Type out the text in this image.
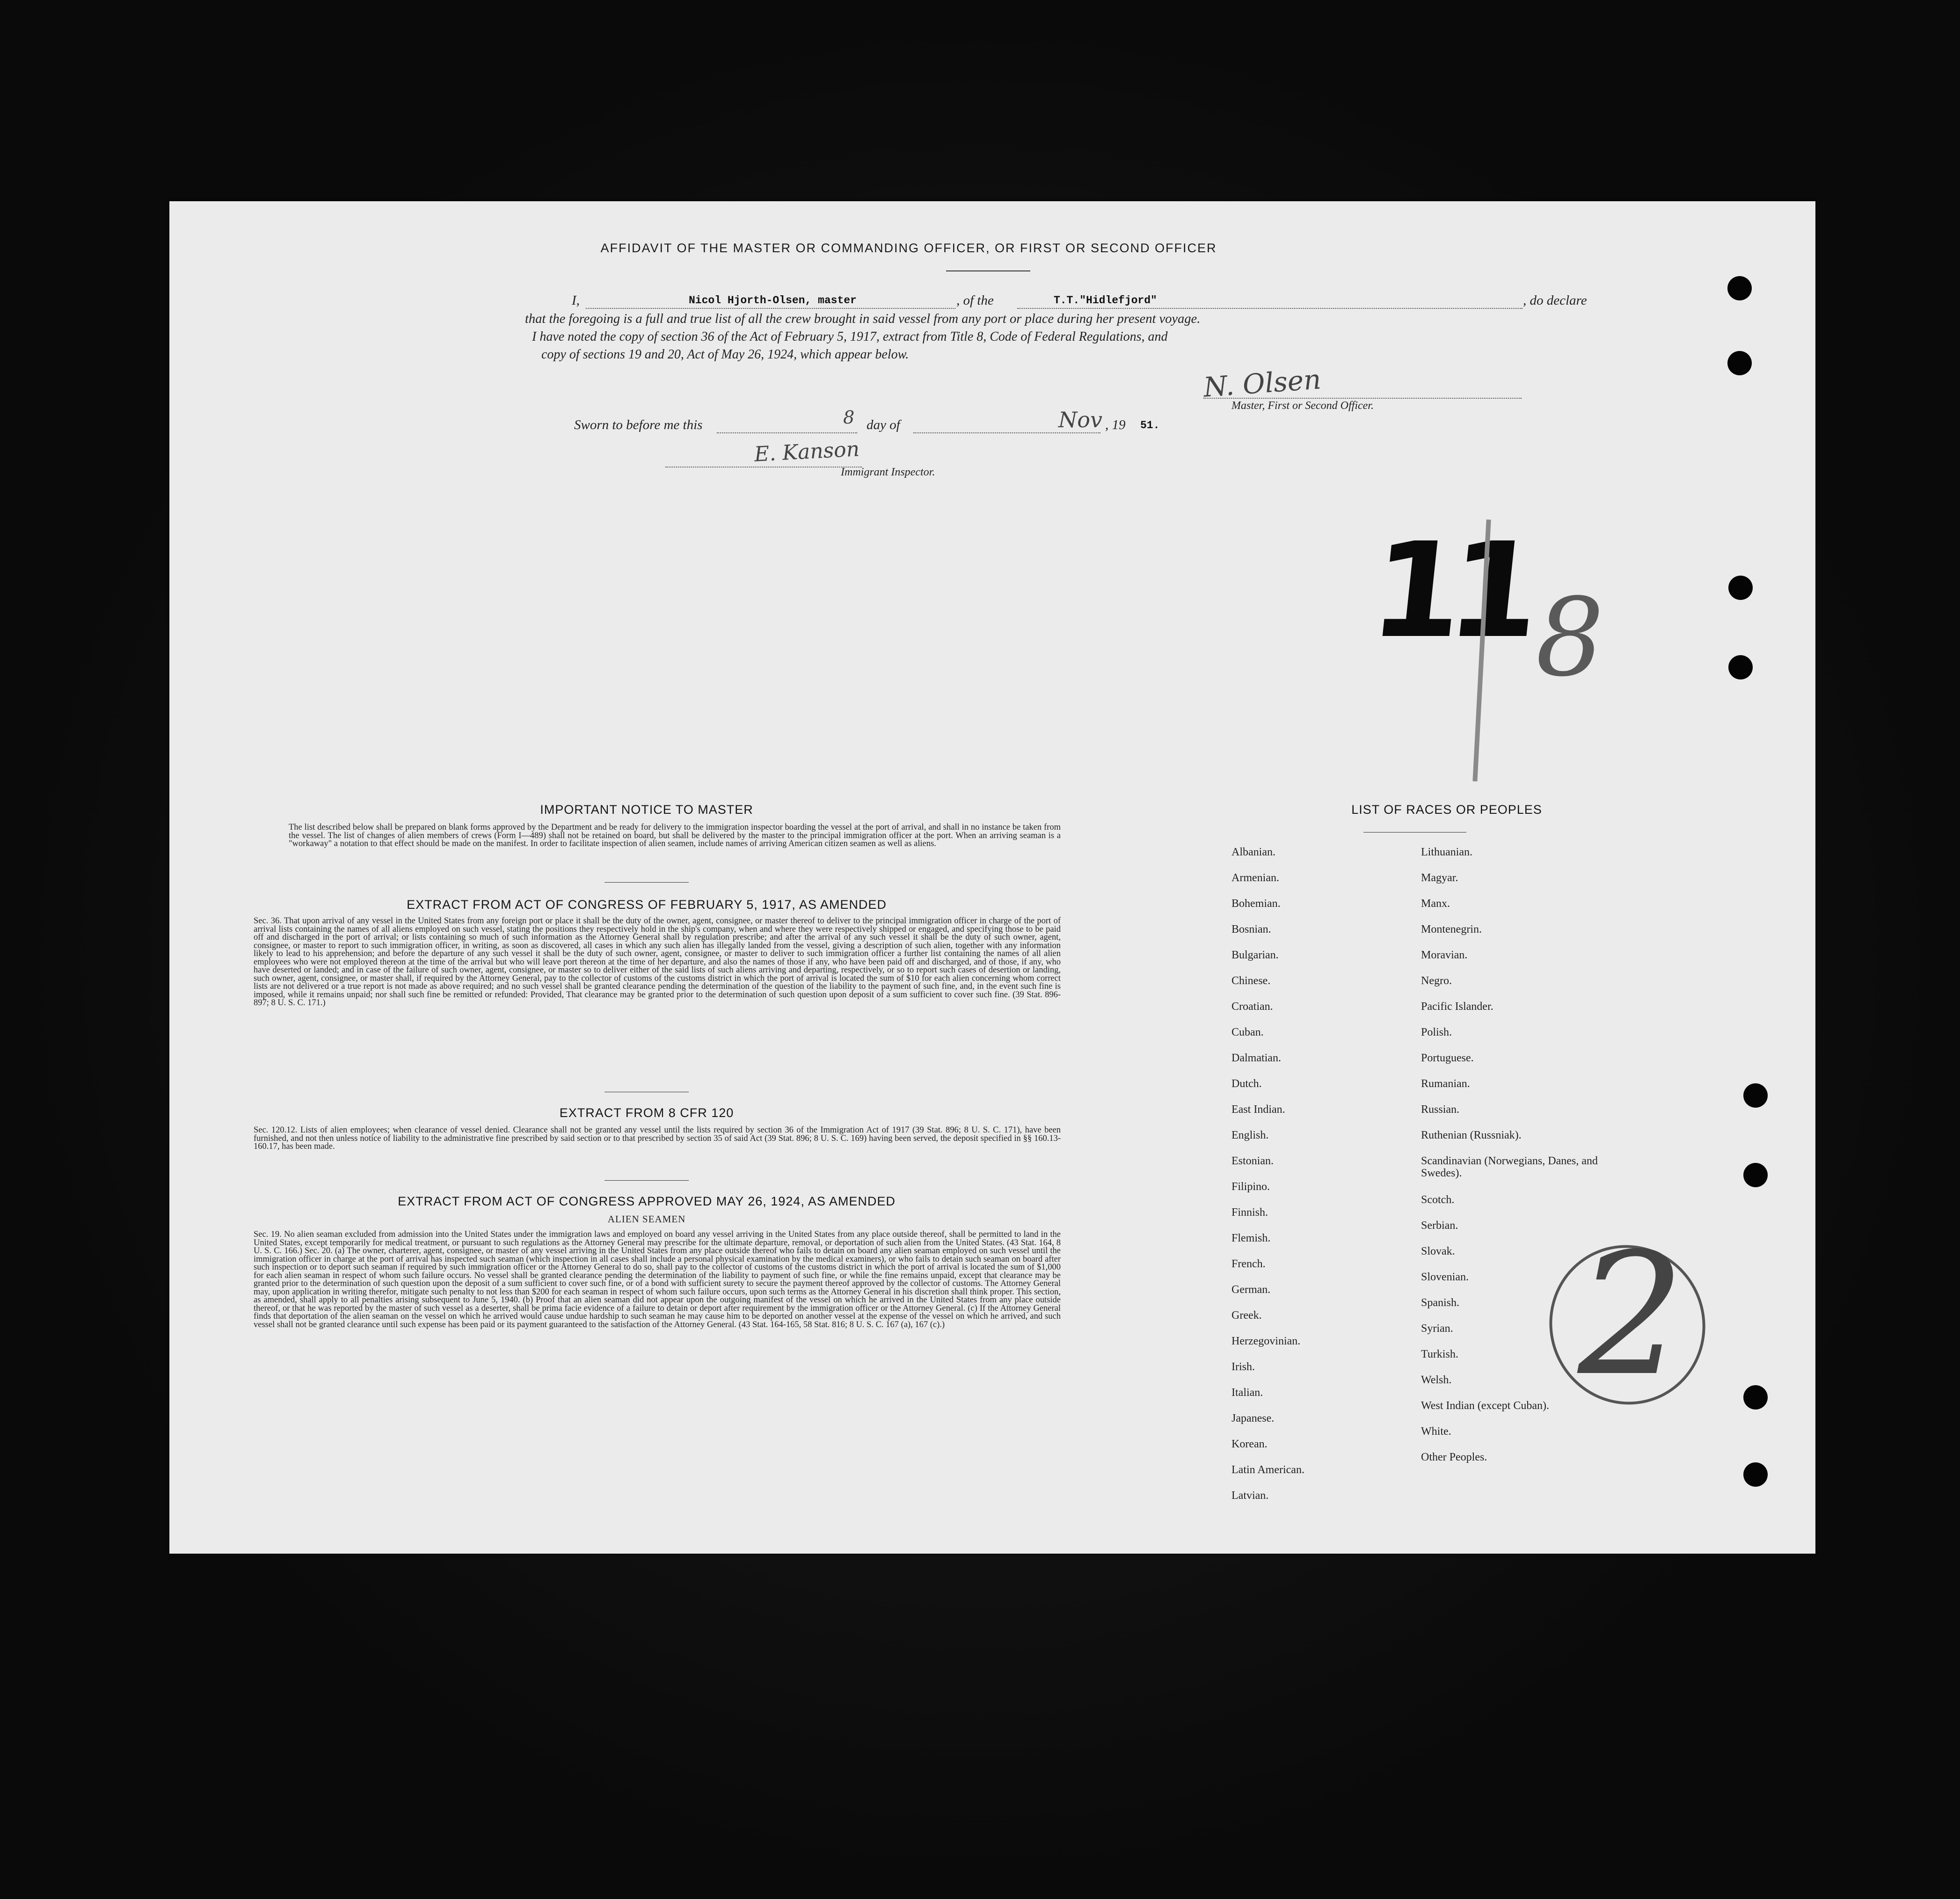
AFFIDAVIT OF THE MASTER OR COMMANDING OFFICER, OR FIRST OR SECOND OFFICER
I,	Nicol Hjorth-Olsen, master	, of the	T.T."Hidlefjord"	, do declare
that the foregoing is a full and true list of all the crew brought in said vessel from any port or place during her present voyage.
I have noted the copy of section 36 of the Act of February 5, 1917, extract from Title 8, Code of Federal Regulations, and
copy of sections 19 and 20, Act of May 26, 1924, which appear below.
N. Olsen
Master, First or Second Officer.
Sworn to before me this	8 day of	Nov , 19 51.
E. Kanson
Immigrant Inspector.
11 8
2
IMPORTANT NOTICE TO MASTER
The list described below shall be prepared on blank forms approved by the Department and be ready for delivery to the immigration inspector boarding the vessel at the port of arrival, and shall in no instance be taken from the vessel. The list of changes of alien members of crews (Form I—489) shall not be retained on board, but shall be delivered by the master to the principal immigration officer at the port. When an arriving seaman is a "workaway" a notation to that effect should be made on the manifest. In order to facilitate inspection of alien seamen, include names of arriving American citizen seamen as well as aliens.
EXTRACT FROM ACT OF CONGRESS OF FEBRUARY 5, 1917, AS AMENDED
Sec. 36. That upon arrival of any vessel in the United States from any foreign port or place it shall be the duty of the owner, agent, consignee, or master thereof to deliver to the principal immigration officer in charge of the port of arrival lists containing the names of all aliens employed on such vessel, stating the positions they respectively hold in the ship's company, when and where they were respectively shipped or engaged, and specifying those to be paid off and discharged in the port of arrival; or lists containing so much of such information as the Attorney General shall by regulation prescribe; and after the arrival of any such vessel it shall be the duty of such owner, agent, consignee, or master to report to such immigration officer, in writing, as soon as discovered, all cases in which any such alien has illegally landed from the vessel, giving a description of such alien, together with any information likely to lead to his apprehension; and before the departure of any such vessel it shall be the duty of such owner, agent, consignee, or master to deliver to such immigration officer a further list containing the names of all alien employees who were not employed thereon at the time of the arrival but who will leave port thereon at the time of her departure, and also the names of those if any, who have been paid off and discharged, and of those, if any, who have deserted or landed; and in case of the failure of such owner, agent, consignee, or master so to deliver either of the said lists of such aliens arriving and departing, respectively, or so to report such cases of desertion or landing, such owner, agent, consignee, or master shall, if required by the Attorney General, pay to the collector of customs of the customs district in which the port of arrival is located the sum of $10 for each alien concerning whom correct lists are not delivered or a true report is not made as above required; and no such vessel shall be granted clearance pending the determination of the question of the liability to the payment of such fine, and, in the event such fine is imposed, while it remains unpaid; nor shall such fine be remitted or refunded: Provided, That clearance may be granted prior to the determination of such question upon deposit of a sum sufficient to cover such fine. (39 Stat. 896-897; 8 U. S. C. 171.)
EXTRACT FROM 8 CFR 120
Sec. 120.12. Lists of alien employees; when clearance of vessel denied. Clearance shall not be granted any vessel until the lists required by section 36 of the Immigration Act of 1917 (39 Stat. 896; 8 U. S. C. 171), have been furnished, and not then unless notice of liability to the administrative fine prescribed by said section or to that prescribed by section 35 of said Act (39 Stat. 896; 8 U. S. C. 169) having been served, the deposit specified in §§ 160.13-160.17, has been made.
EXTRACT FROM ACT OF CONGRESS APPROVED MAY 26, 1924, AS AMENDED
ALIEN SEAMEN
Sec. 19. No alien seaman excluded from admission into the United States under the immigration laws and employed on board any vessel arriving in the United States from any place outside thereof, shall be permitted to land in the United States, except temporarily for medical treatment, or pursuant to such regulations as the Attorney General may prescribe for the ultimate departure, removal, or deportation of such alien from the United States. (43 Stat. 164, 8 U. S. C. 166.) Sec. 20. (a) The owner, charterer, agent, consignee, or master of any vessel arriving in the United States from any place outside thereof who fails to detain on board any alien seaman employed on such vessel until the immigration officer in charge at the port of arrival has inspected such seaman (which inspection in all cases shall include a personal physical examination by the medical examiners), or who fails to detain such seaman on board after such inspection or to deport such seaman if required by such immigration officer or the Attorney General to do so, shall pay to the collector of customs of the customs district in which the port of arrival is located the sum of $1,000 for each alien seaman in respect of whom such failure occurs. No vessel shall be granted clearance pending the determination of the liability to payment of such fine, or while the fine remains unpaid, except that clearance may be granted prior to the determination of such question upon the deposit of a sum sufficient to cover such fine, or of a bond with sufficient surety to secure the payment thereof approved by the collector of customs. The Attorney General may, upon application in writing therefor, mitigate such penalty to not less than $200 for each seaman in respect of whom such failure occurs, upon such terms as the Attorney General in his discretion shall think proper. This section, as amended, shall apply to all penalties arising subsequent to June 5, 1940. (b) Proof that an alien seaman did not appear upon the outgoing manifest of the vessel on which he arrived in the United States from any place outside thereof, or that he was reported by the master of such vessel as a deserter, shall be prima facie evidence of a failure to detain or deport after requirement by the immigration officer or the Attorney General. (c) If the Attorney General finds that deportation of the alien seaman on the vessel on which he arrived would cause undue hardship to such seaman he may cause him to be deported on another vessel at the expense of the vessel on which he arrived, and such vessel shall not be granted clearance until such expense has been paid or its payment guaranteed to the satisfaction of the Attorney General. (43 Stat. 164-165, 58 Stat. 816; 8 U. S. C. 167 (a), 167 (c).)
LIST OF RACES OR PEOPLES
Albanian.
Armenian.
Bohemian.
Bosnian.
Bulgarian.
Chinese.
Croatian.
Cuban.
Dalmatian.
Dutch.
East Indian.
English.
Estonian.
Filipino.
Finnish.
Flemish.
French.
German.
Greek.
Herzegovinian.
Irish.
Italian.
Japanese.
Korean.
Latin American.
Latvian.
Lithuanian.
Magyar.
Manx.
Montenegrin.
Moravian.
Negro.
Pacific Islander.
Polish.
Portuguese.
Rumanian.
Russian.
Ruthenian (Russniak).
Scandinavian (Norwegians, Danes, and Swedes).
Scotch.
Serbian.
Slovak.
Slovenian.
Spanish.
Syrian.
Turkish.
Welsh.
West Indian (except Cuban).
White.
Other Peoples.
